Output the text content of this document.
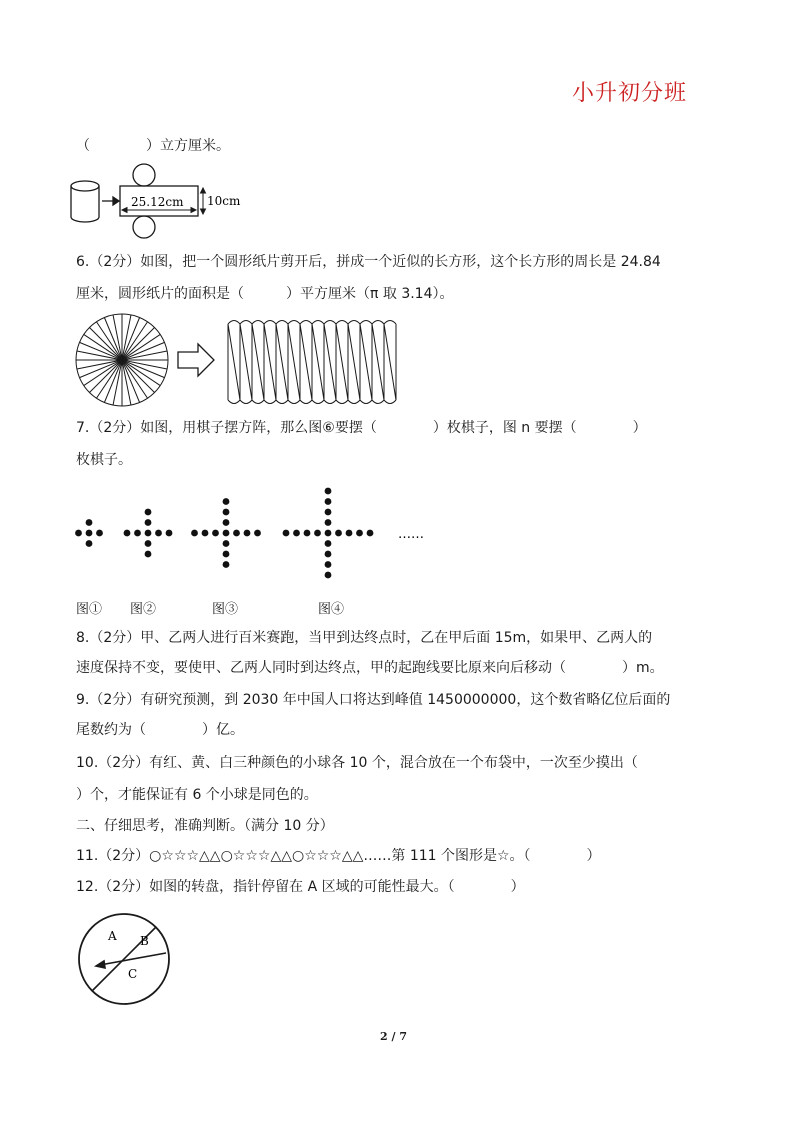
小升初分班
（　　　　）立方厘米。
25.12cm 10cm
6.（2分）如图，把一个圆形纸片剪开后，拼成一个近似的长方形，这个长方形的周长是 24.84
厘米，圆形纸片的面积是（　　　）平方厘米（π 取 3.14）。
7.（2分）如图，用棋子摆方阵，那么图⑥要摆（　　　　）枚棋子，图 n 要摆（　　　　）
枚棋子。
……
图① 图②	图③	图④
8.（2分）甲、乙两人进行百米赛跑，当甲到达终点时，乙在甲后面 15m，如果甲、乙两人的
速度保持不变，要使甲、乙两人同时到达终点，甲的起跑线要比原来向后移动（　　　　）m。
9.（2分）有研究预测，到 2030 年中国人口将达到峰值 1450000000，这个数省略亿位后面的
尾数约为（　　　　）亿。
10.（2分）有红、黄、白三种颜色的小球各 10 个，混合放在一个布袋中，一次至少摸出（
）个，才能保证有 6 个小球是同色的。
二、仔细思考，准确判断。（满分 10 分）
11.（2分）○☆☆☆△△○☆☆☆△△○☆☆☆△△……第 111 个图形是☆。（　　　　）
12.（2分）如图的转盘，指针停留在 A 区域的可能性最大。（　　　　）
A B
C
2 / 7
